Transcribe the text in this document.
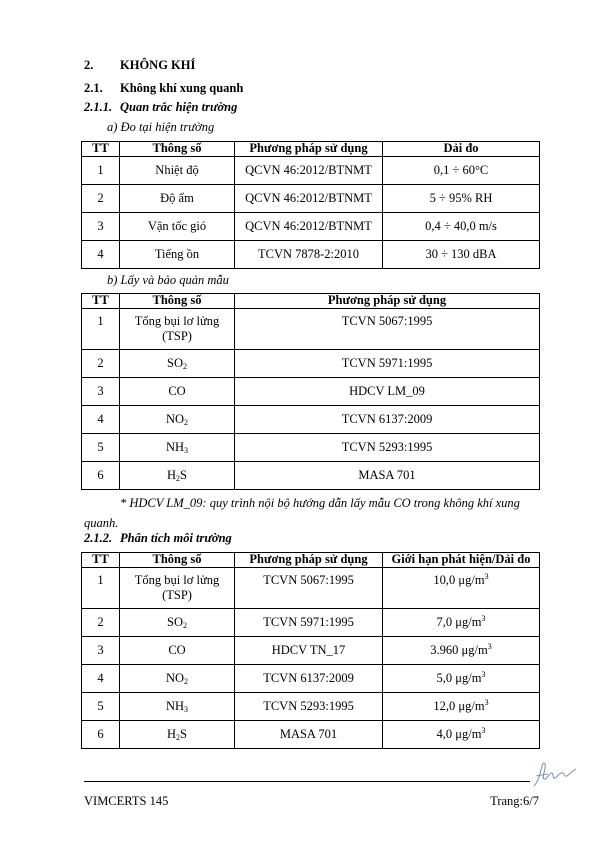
2. KHÔNG KHÍ
2.1. Không khí xung quanh
2.1.1. Quan trắc hiện trường
a) Đo tại hiện trường
TT	Thông số	Phương pháp sử dụng	Dải đo
1	Nhiệt độ	QCVN 46:2012/BTNMT	0,1 ÷ 60°C
2	Độ ẩm	QCVN 46:2012/BTNMT	5 ÷ 95% RH
3	Vận tốc gió	QCVN 46:2012/BTNMT	0,4 ÷ 40,0 m/s
4	Tiếng ồn	TCVN 7878-2:2010	30 ÷ 130 dBA
b) Lấy và bảo quản mẫu
TT	Thông số	Phương pháp sử dụng
1	Tổng bụi lơ lửng (TSP)	TCVN 5067:1995
2	$SO_2$	TCVN 5971:1995
3	CO	HDCV LM_09
4	$NO_2$	TCVN 6137:2009
5	$NH_3$	TCVN 5293:1995
6	$H_2S$	MASA 701
* HDCV LM_09: quy trình nội bộ hướng dẫn lấy mẫu CO trong không khí xung quanh.
2.1.2. Phân tích môi trường
TT	Thông số	Phương pháp sử dụng	Giới hạn phát hiện/Dải đo
1	Tổng bụi lơ lửng (TSP)	TCVN 5067:1995	10,0 $\mu g/m^3$
2	$SO_2$	TCVN 5971:1995	7,0 $\mu g/m^3$
3	CO	HDCV TN_17	3.960 $\mu g/m^3$
4	$NO_2$	TCVN 6137:2009	5,0 $\mu g/m^3$
5	$NH_3$	TCVN 5293:1995	12,0 $\mu g/m^3$
6	$H_2S$	MASA 701	4,0 $\mu g/m^3$
VIMCERTS 145	Trang:6/7
